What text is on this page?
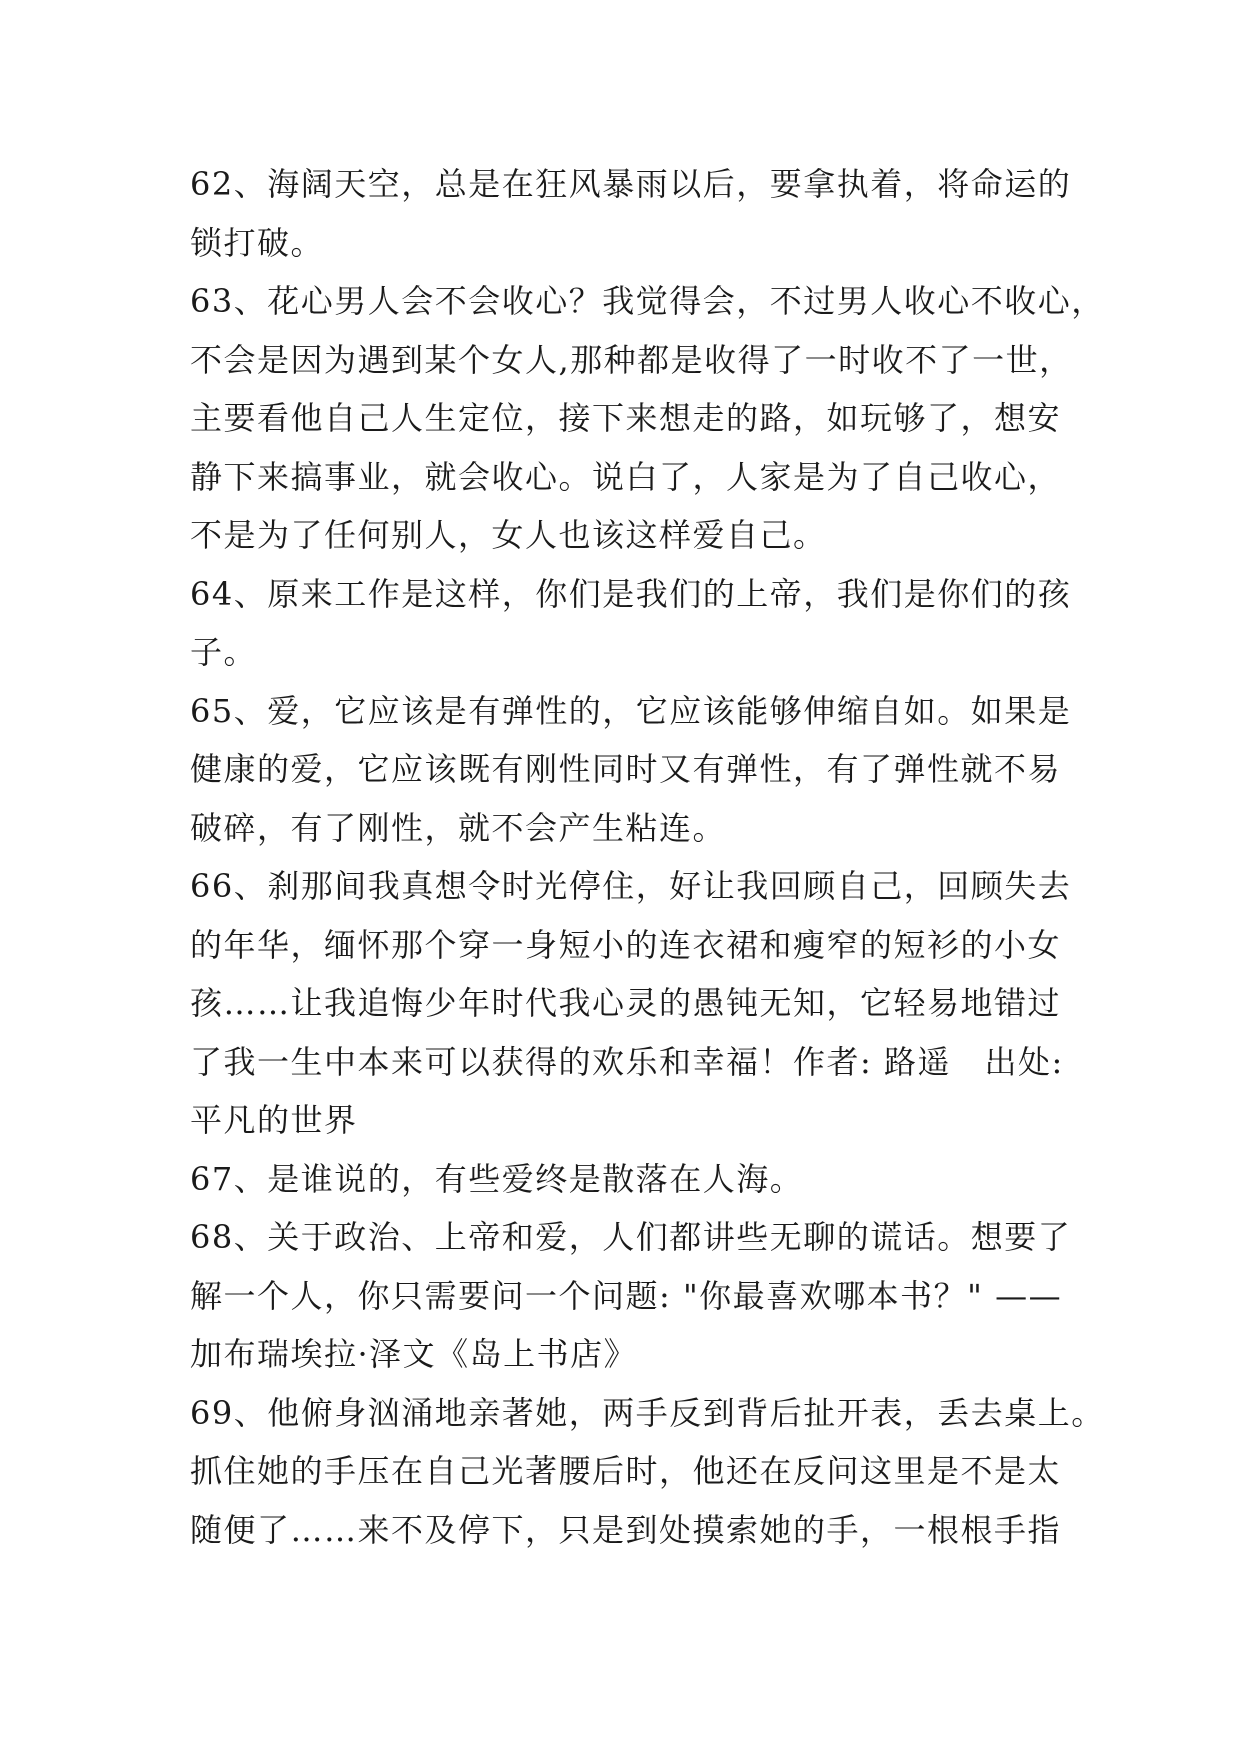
62、海阔天空，总是在狂风暴雨以后，要拿执着，将命运的
锁打破。
63、花心男人会不会收心？我觉得会，不过男人收心不收心，
不会是因为遇到某个女人,那种都是收得了一时收不了一世，
主要看他自己人生定位，接下来想走的路，如玩够了，想安
静下来搞事业，就会收心。说白了，人家是为了自己收心，
不是为了任何别人，女人也该这样爱自己。
64、原来工作是这样，你们是我们的上帝，我们是你们的孩
子。
65、爱，它应该是有弹性的，它应该能够伸缩自如。如果是
健康的爱，它应该既有刚性同时又有弹性，有了弹性就不易
破碎，有了刚性，就不会产生粘连。
66、刹那间我真想令时光停住，好让我回顾自己，回顾失去
的年华，缅怀那个穿一身短小的连衣裙和瘦窄的短衫的小女
孩……让我追悔少年时代我心灵的愚钝无知，它轻易地错过
了我一生中本来可以获得的欢乐和幸福！作者: 路遥　出处:
平凡的世界
67、是谁说的，有些爱终是散落在人海。
68、关于政治、上帝和爱，人们都讲些无聊的谎话。想要了
解一个人，你只需要问一个问题: "你最喜欢哪本书？" ——
加布瑞埃拉·泽文《岛上书店》
69、他俯身汹涌地亲著她，两手反到背后扯开表，丢去桌上。
抓住她的手压在自己光著腰后时，他还在反问这里是不是太
随便了……来不及停下，只是到处摸索她的手，一根根手指
